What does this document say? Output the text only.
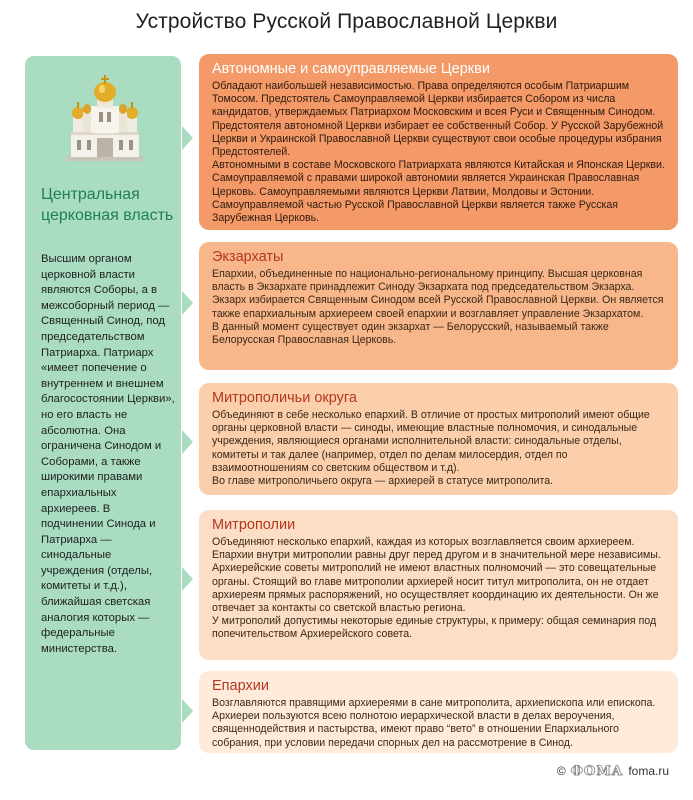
Устройство Русской Православной Церкви
Центральная церковная власть
Высшим органом церковной власти являются Соборы, а в межсоборный период — Священный Синод, под председательством Патриарха. Патриарх «имеет попечение о внутреннем и внешнем благосостоянии Церкви», но его власть не абсолютна. Она ограничена Синодом и Соборами, а также широкими правами епархиальных архиереев. В подчинении Синода и Патриарха — синодальные учреждения (отделы, комитеты и т.д.), ближайшая светская аналогия которых — федеральные министерства.
Автономные и самоуправляемые Церкви
Обладают наибольшей независимостью. Права определяются особым Патриаршим Томосом. Предстоятель Самоуправляемой Церкви избирается Собором из числа кандидатов, утверждаемых Патриархом Московским и всея Руси и Священным Синодом. Предстоятеля автономной Церкви избирает ее собственный Собор. У Русской Зарубежной Церкви и Украинской Православной Церкви существуют свои особые процедуры избрания Предстоятелей.
Автономными в составе Московского Патриархата являются Китайская и Японская Церкви. Самоуправляемой с правами широкой автономии является Украинская Православная Церковь. Самоуправляемыми являются Церкви Латвии, Молдовы и Эстонии. Самоуправляемой частью Русской Православной Церкви является также Русская Зарубежная Церковь.
Экзархаты
Епархии, объединенные по национально-региональному принципу. Высшая церковная власть в Экзархате принадлежит Синоду Экзархата под председательством Экзарха. Экзарх избирается Священным Синодом всей Русской Православной Церкви. Он является также епархиальным архиереем своей епархии и возглавляет управление Экзархатом.
В данный момент существует один экзархат — Белорусский, называемый также Белорусская Православная Церковь.
Митрополичьи округа
Объединяют в себе несколько епархий. В отличие от простых митрополий имеют общие органы церковной власти — синоды, имеющие властные полномочия, и синодальные учреждения, являющиеся органами исполнительной власти: синодальные отделы, комитеты и так далее (например, отдел по делам милосердия, отдел по взаимоотношениям со светским обществом и т.д).
Во главе митрополичьего округа — архиерей в статусе митрополита.
Митрополии
Объединяют несколько епархий, каждая из которых возглавляется своим архиереем. Епархии внутри митрополии равны друг перед другом и в значительной мере независимы. Архиерейские советы митрополий не имеют властных полномочий — это совещательные органы. Стоящий во главе митрополии архиерей носит титул митрополита, он не отдает архиереям прямых распоряжений, но осуществляет координацию их деятельности. Он же отвечает за контакты со светской властью региона.
У митрополий допустимы некоторые единые структуры, к примеру: общая семинария под попечительством Архиерейского совета.
Епархии
Возглавляются правящими архиереями в сане митрополита, архиепископа или епископа. Архиереи пользуются всею полнотою иерархической власти в делах вероучения, священнодействия и пастырства, имеют право “вето” в отношении Епархиального собрания, при условии передачи спорных дел на рассмотрение в Синод.
© ФОМА foma.ru
